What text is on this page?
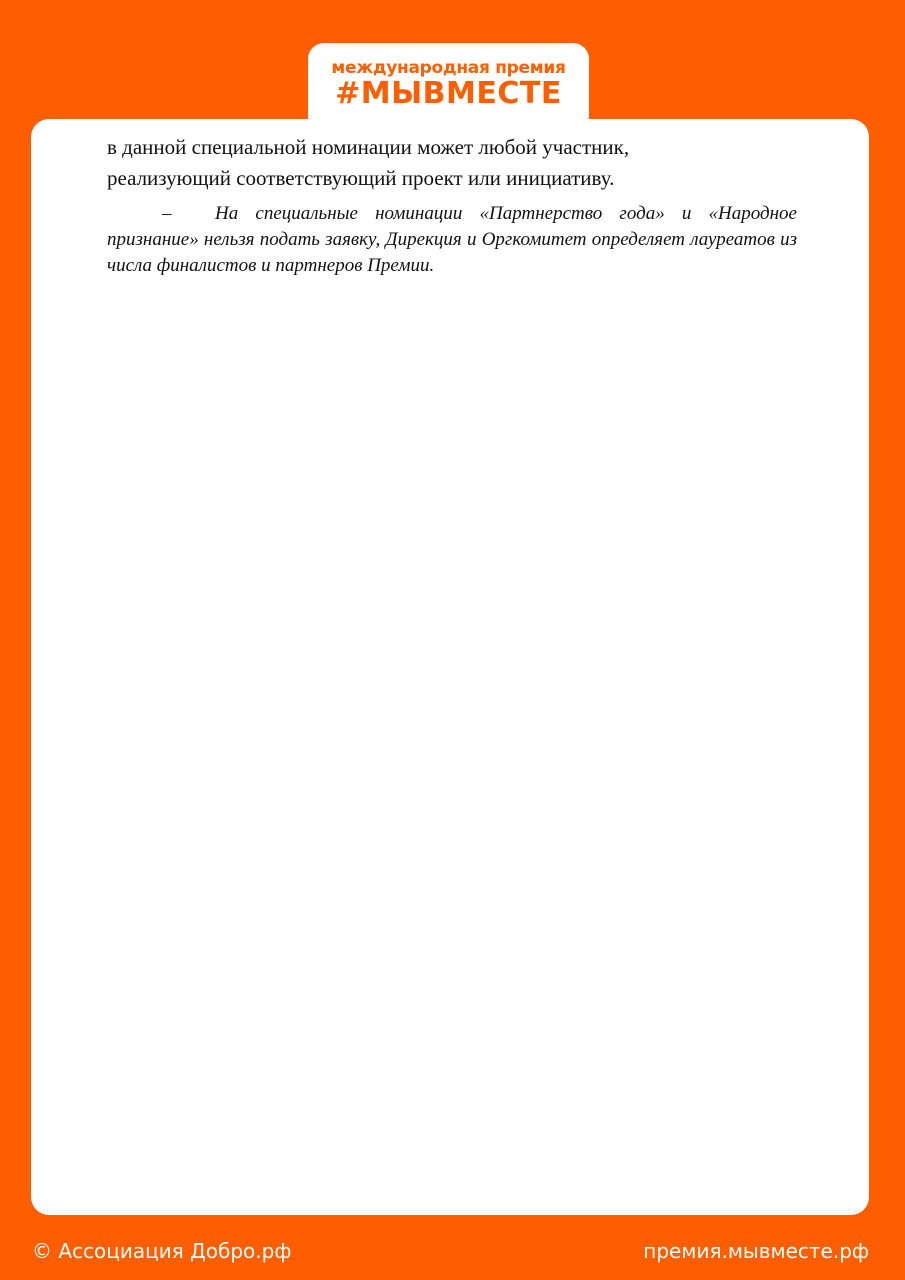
международная премия
#МЫВМЕСТЕ

в данной специальной номинации может любой участник,
реализующий соответствующий проект или инициативу.

– На специальные номинации «Партнерство года» и «Народное признание» нельзя подать заявку, Дирекция и Оргкомитет определяет лауреатов из числа финалистов и партнеров Премии.

© Ассоциация Добро.рф	премия.мывместе.рф
